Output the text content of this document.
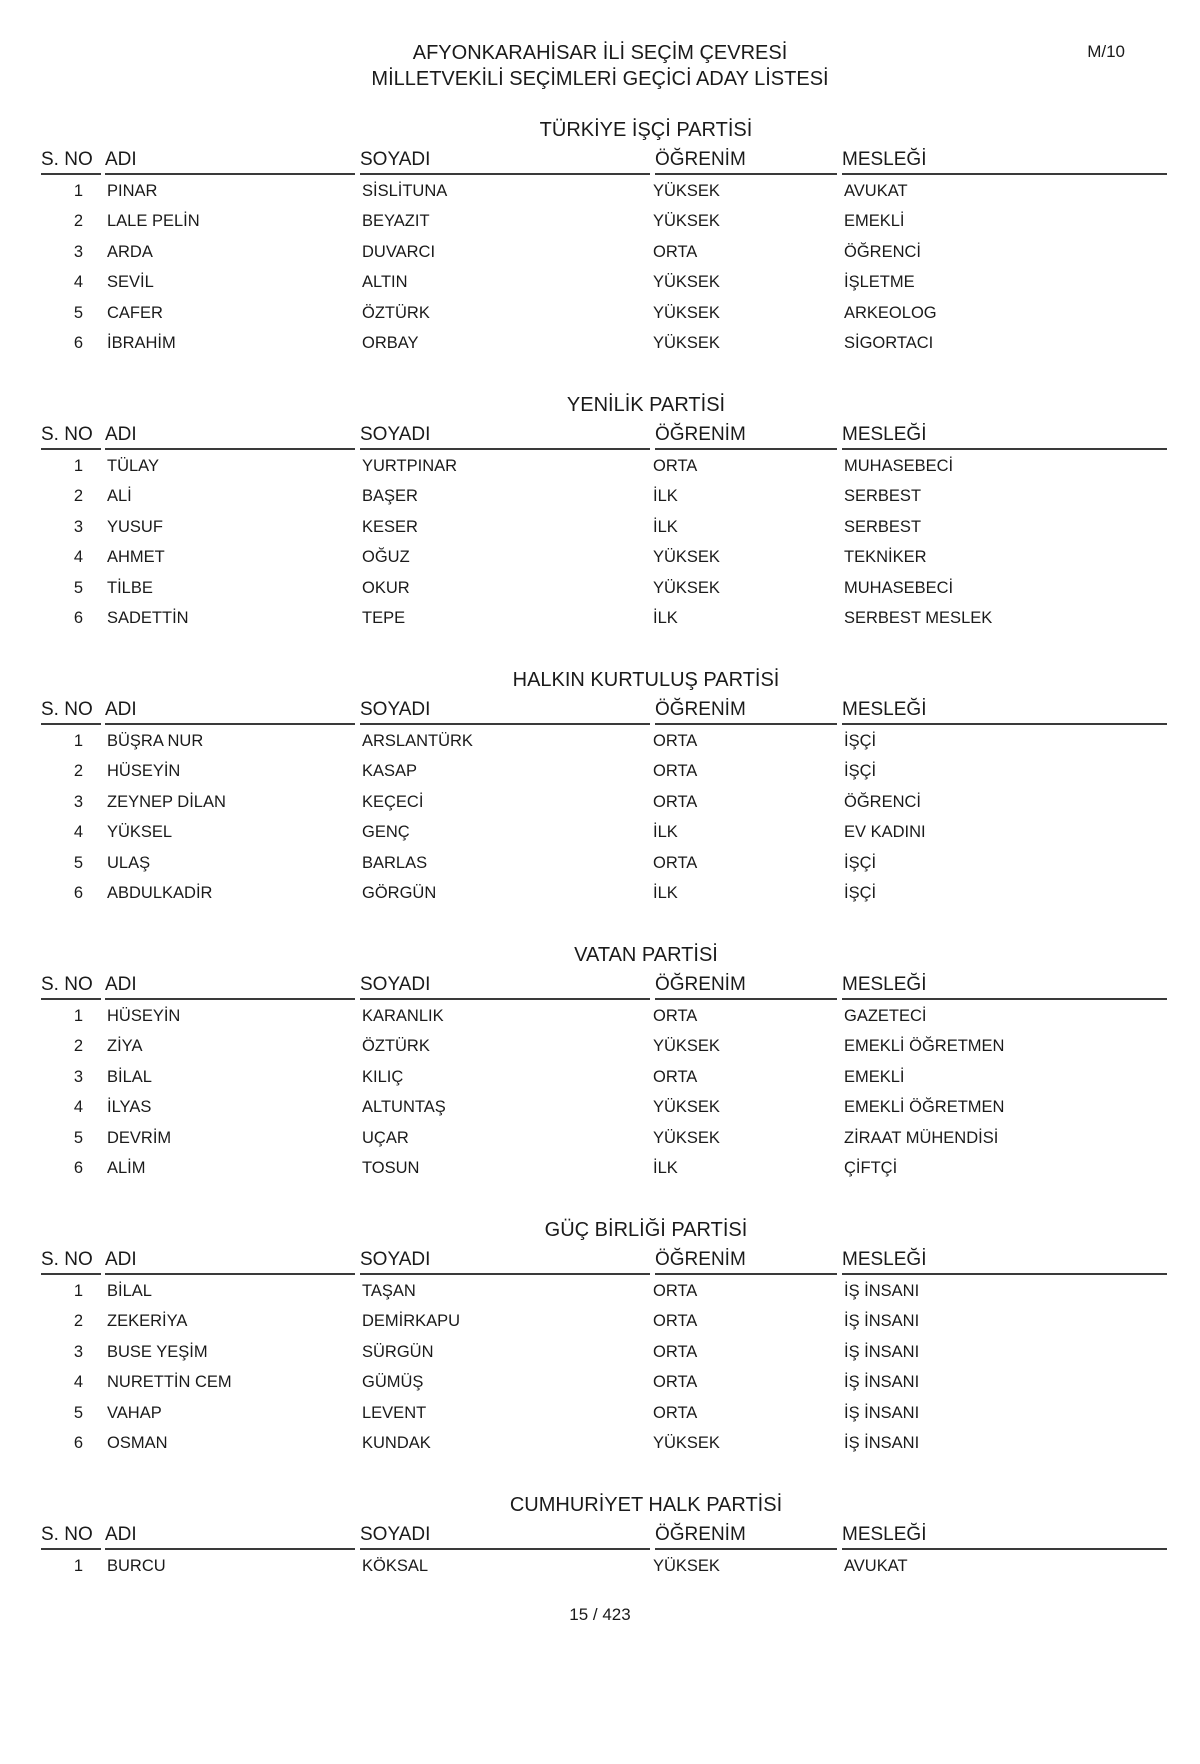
M/10
AFYONKARAHİSAR İLİ SEÇİM ÇEVRESİ
MİLLETVEKİLİ SEÇİMLERİ GEÇİCİ ADAY LİSTESİ
TÜRKİYE İŞÇİ PARTİSİ
S. NO ADI	SOYADI	ÖĞRENİM	MESLEĞİ
1 PINAR	SİSLİTUNA	YÜKSEK	AVUKAT
2 LALE PELİN	BEYAZIT	YÜKSEK	EMEKLİ
3 ARDA	DUVARCI	ORTA	ÖĞRENCİ
4 SEVİL	ALTIN	YÜKSEK	İŞLETME
5 CAFER	ÖZTÜRK	YÜKSEK	ARKEOLOG
6 İBRAHİM	ORBAY	YÜKSEK	SİGORTACI
YENİLİK PARTİSİ
S. NO ADI	SOYADI	ÖĞRENİM	MESLEĞİ
1 TÜLAY	YURTPINAR	ORTA	MUHASEBECİ
2 ALİ	BAŞER	İLK	SERBEST
3 YUSUF	KESER	İLK	SERBEST
4 AHMET	OĞUZ	YÜKSEK	TEKNİKER
5 TİLBE	OKUR	YÜKSEK	MUHASEBECİ
6 SADETTİN	TEPE	İLK	SERBEST MESLEK
HALKIN KURTULUŞ PARTİSİ
S. NO ADI	SOYADI	ÖĞRENİM	MESLEĞİ
1 BÜŞRA NUR	ARSLANTÜRK	ORTA	İŞÇİ
2 HÜSEYİN	KASAP	ORTA	İŞÇİ
3 ZEYNEP DİLAN	KEÇECİ	ORTA	ÖĞRENCİ
4 YÜKSEL	GENÇ	İLK	EV KADINI
5 ULAŞ	BARLAS	ORTA	İŞÇİ
6 ABDULKADİR	GÖRGÜN	İLK	İŞÇİ
VATAN PARTİSİ
S. NO ADI	SOYADI	ÖĞRENİM	MESLEĞİ
1 HÜSEYİN	KARANLIK	ORTA	GAZETECİ
2 ZİYA	ÖZTÜRK	YÜKSEK	EMEKLİ ÖĞRETMEN
3 BİLAL	KILIÇ	ORTA	EMEKLİ
4 İLYAS	ALTUNTAŞ	YÜKSEK	EMEKLİ ÖĞRETMEN
5 DEVRİM	UÇAR	YÜKSEK	ZİRAAT MÜHENDİSİ
6 ALİM	TOSUN	İLK	ÇİFTÇİ
GÜÇ BİRLİĞİ PARTİSİ
S. NO ADI	SOYADI	ÖĞRENİM	MESLEĞİ
1 BİLAL	TAŞAN	ORTA	İŞ İNSANI
2 ZEKERİYA	DEMİRKAPU	ORTA	İŞ İNSANI
3 BUSE YEŞİM	SÜRGÜN	ORTA	İŞ İNSANI
4 NURETTİN CEM	GÜMÜŞ	ORTA	İŞ İNSANI
5 VAHAP	LEVENT	ORTA	İŞ İNSANI
6 OSMAN	KUNDAK	YÜKSEK	İŞ İNSANI
CUMHURİYET HALK PARTİSİ
S. NO ADI	SOYADI	ÖĞRENİM	MESLEĞİ
1 BURCU	KÖKSAL	YÜKSEK	AVUKAT
15 / 423
